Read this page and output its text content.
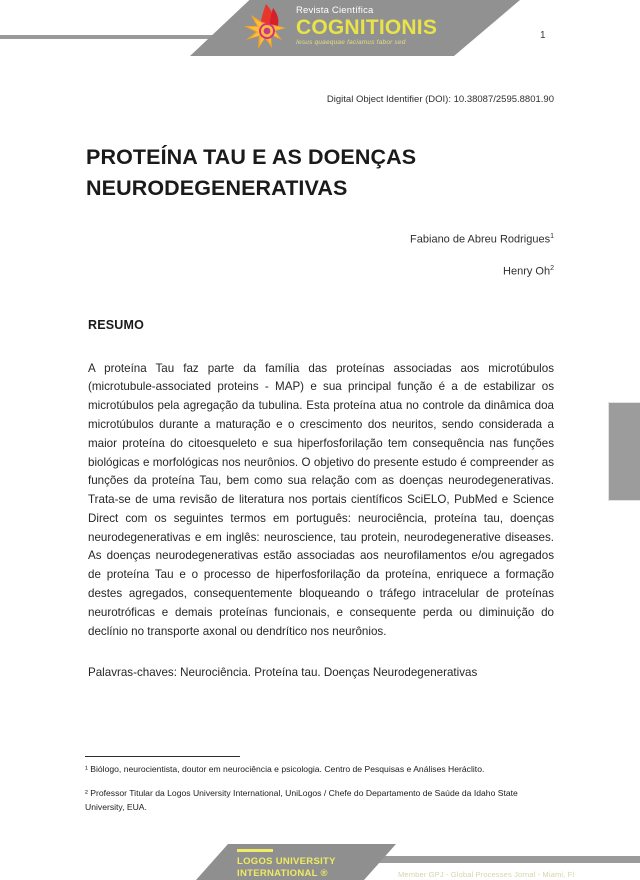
Revista Científica
COGNITIONIS
Iesus quaequae faciamus fabor sed
1
Digital Object Identifier (DOI): 10.38087/2595.8801.90
PROTEÍNA TAU E AS DOENÇAS NEURODEGENERATIVAS
Fabiano de Abreu Rodrigues$^1$
Henry Oh$^2$
RESUMO

A proteína Tau faz parte da família das proteínas associadas aos microtúbulos (microtubule-associated proteins - MAP) e sua principal função é a de estabilizar os microtúbulos pela agregação da tubulina. Esta proteína atua no controle da dinâmica doa microtúbulos durante a maturação e o crescimento dos neuritos, sendo considerada a maior proteína do citoesqueleto e sua hiperfosforilação tem consequência nas funções biológicas e morfológicas nos neurônios. O objetivo do presente estudo é compreender as funções da proteína Tau, bem como sua relação com as doenças neurodegenerativas. Trata-se de uma revisão de literatura nos portais científicos SciELO, PubMed e Science Direct com os seguintes termos em português: neurociência, proteína tau, doenças neurodegenerativas e em inglês: neuroscience, tau protein, neurodegenerative diseases. As doenças neurodegenerativas estão associadas aos neurofilamentos e/ou agregados de proteína Tau e o processo de hiperfosforilação da proteína, enriquece a formação destes agregados, consequentemente bloqueando o tráfego intracelular de proteínas neurotróficas e demais proteínas funcionais, e consequente perda ou diminuição do declínio no transporte axonal ou dendrítico nos neurônios.

Palavras-chaves: Neurociência. Proteína tau. Doenças Neurodegenerativas

¹ Biólogo, neurocientista, doutor em neurociência e psicologia. Centro de Pesquisas e Análises Heráclito.
² Professor Titular da Logos University International, UniLogos / Chefe do Departamento de Saúde da Idaho State University, EUA.
LOGOS UNIVERSITY
INTERNATIONAL ®	Member GPJ - Global Processes Jornal - Miami, Fl
